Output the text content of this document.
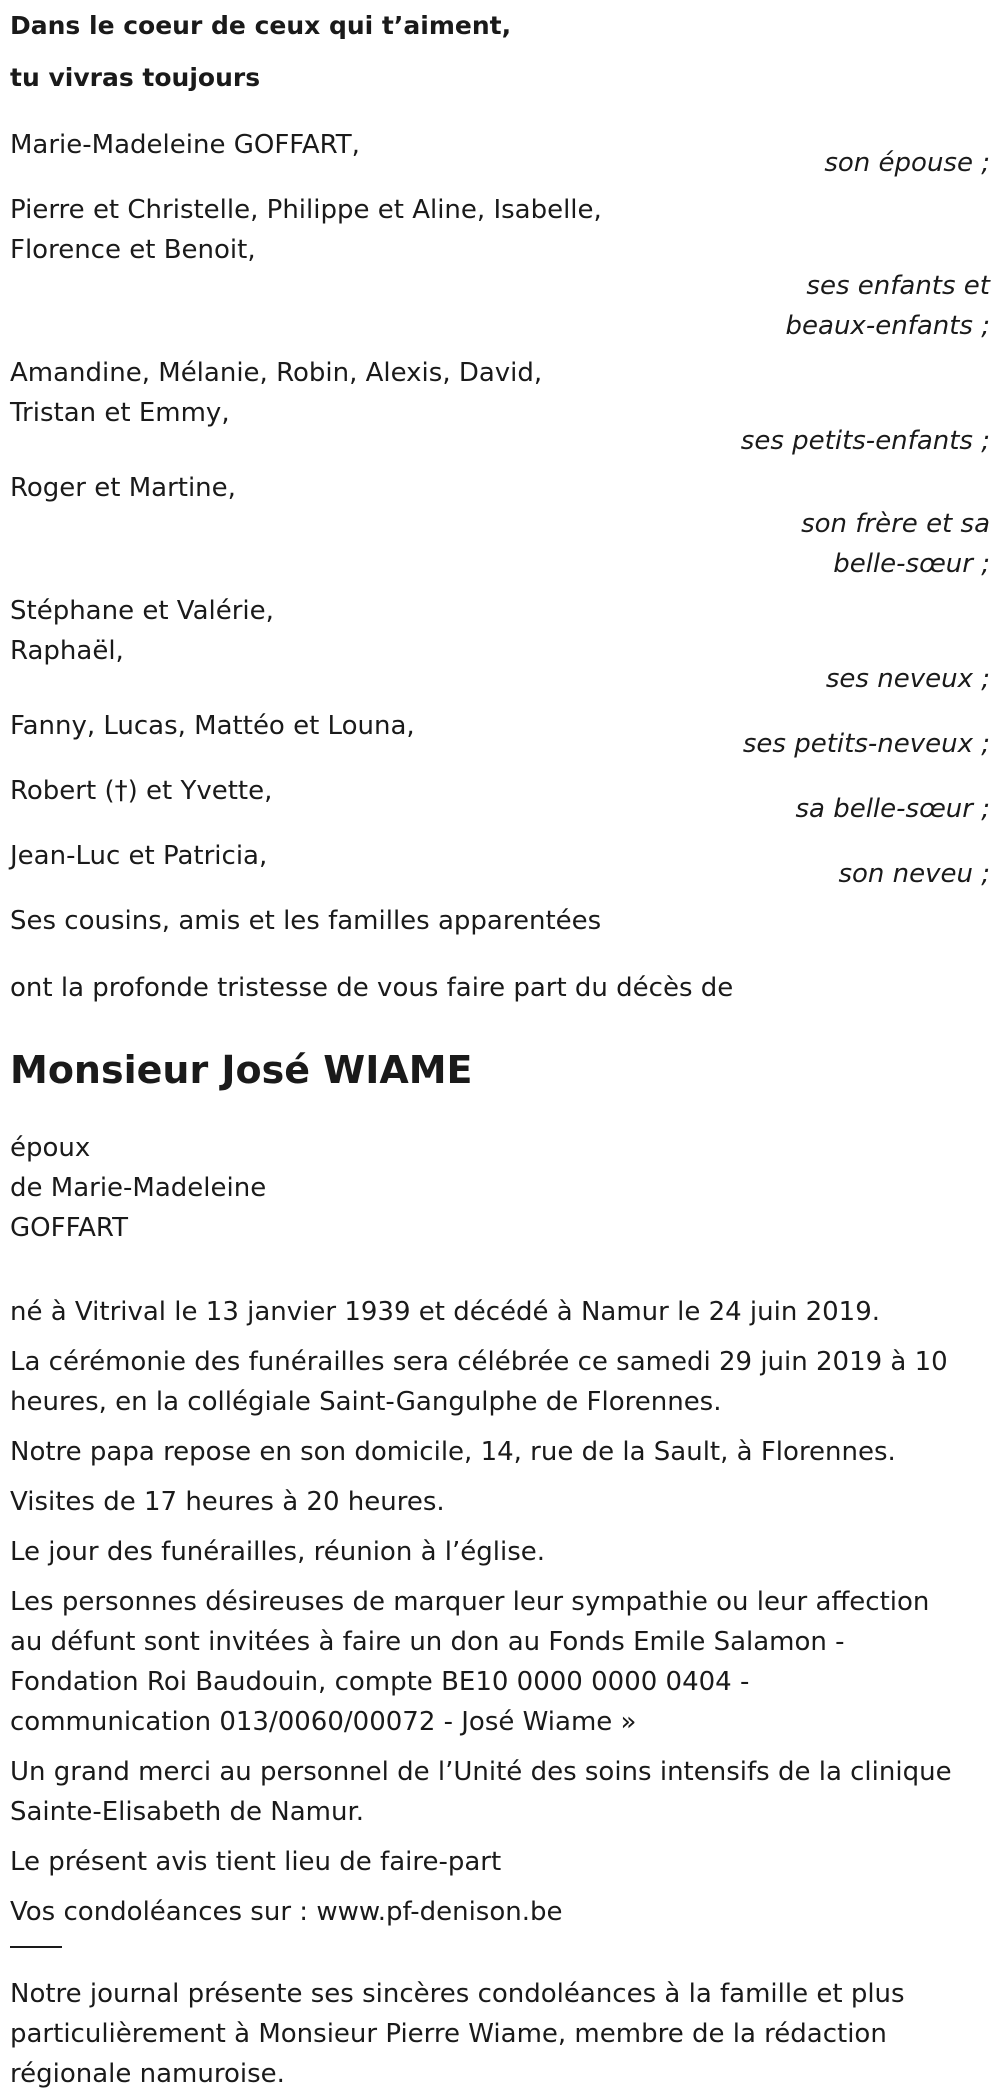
Dans le coeur de ceux qui t’aiment,
tu vivras toujours
Marie-Madeleine GOFFART,
son épouse ;
Pierre et Christelle, Philippe et Aline, Isabelle,
Florence et Benoit,
ses enfants et
beaux-enfants ;
Amandine, Mélanie, Robin, Alexis, David,
Tristan et Emmy,
ses petits-enfants ;
Roger et Martine,
son frère et sa
belle-sœur ;
Stéphane et Valérie,
Raphaël,
ses neveux ;
Fanny, Lucas, Mattéo et Louna,
ses petits-neveux ;
Robert (†) et Yvette,
sa belle-sœur ;
Jean-Luc et Patricia,
son neveu ;
Ses cousins, amis et les familles apparentées
ont la profonde tristesse de vous faire part du décès de
Monsieur José WIAME
époux
de Marie-Madeleine
GOFFART
né à Vitrival le 13 janvier 1939 et décédé à Namur le 24 juin 2019.
La cérémonie des funérailles sera célébrée ce samedi 29 juin 2019 à 10
heures, en la collégiale Saint-Gangulphe de Florennes.
Notre papa repose en son domicile, 14, rue de la Sault, à Florennes.
Visites de 17 heures à 20 heures.
Le jour des funérailles, réunion à l’église.
Les personnes désireuses de marquer leur sympathie ou leur affection
au défunt sont invitées à faire un don au Fonds Emile Salamon -
Fondation Roi Baudouin, compte BE10 0000 0000 0404 -
communication 013/0060/00072 - José Wiame »
Un grand merci au personnel de l’Unité des soins intensifs de la clinique
Sainte-Elisabeth de Namur.
Le présent avis tient lieu de faire-part
Vos condoléances sur : www.pf-denison.be
Notre journal présente ses sincères condoléances à la famille et plus
particulièrement à Monsieur Pierre Wiame, membre de la rédaction
régionale namuroise.
